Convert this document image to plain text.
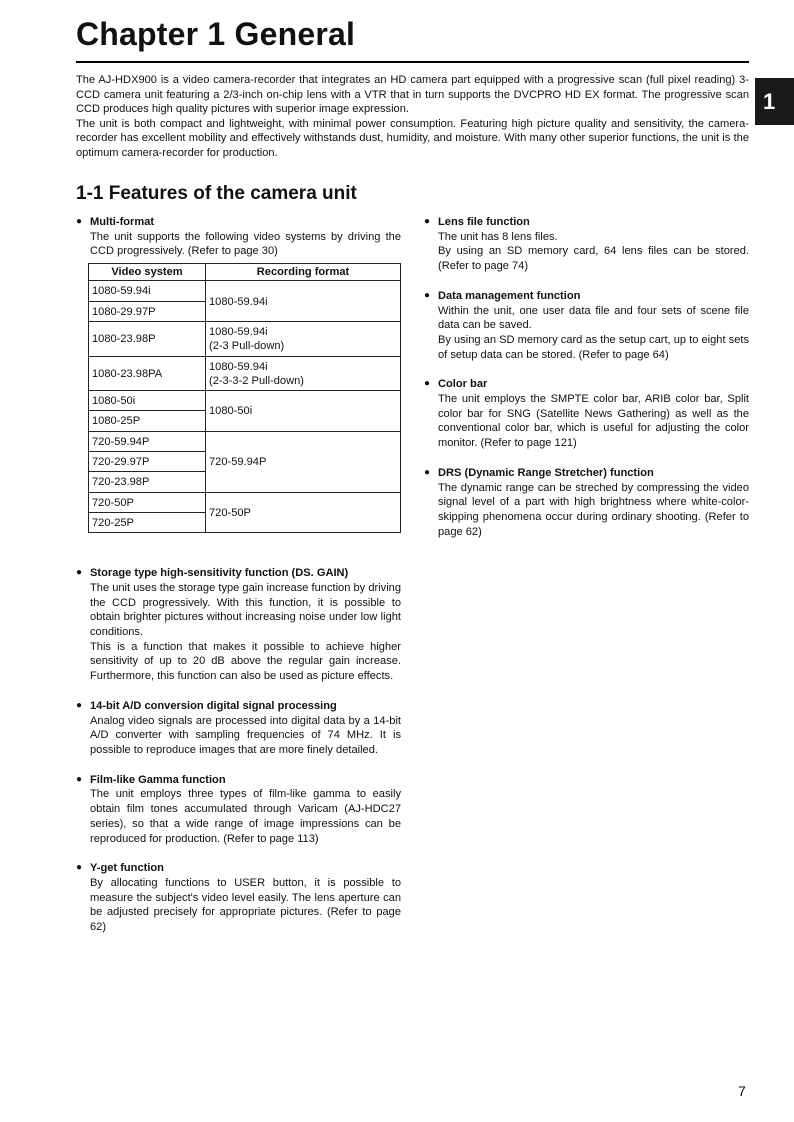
Chapter 1 General
1

The AJ-HDX900 is a video camera-recorder that integrates an HD camera part equipped with a progressive scan (full pixel reading) 3-CCD camera unit featuring a 2/3-inch on-chip lens with a VTR that in turn supports the DVCPRO HD EX format. The progressive scan CCD produces high quality pictures with superior image expression.

The unit is both compact and lightweight, with minimal power consumption. Featuring high picture quality and sensitivity, the camera-recorder has excellent mobility and effectively withstands dust, humidity, and moisture. With many other superior functions, the unit is the optimum camera-recorder for production.

1-1 Features of the camera unit
● Multi-format

The unit supports the following video systems by driving the CCD progressively. (Refer to page 30)

Video system	Recording format
1080-59.94i	1080-59.94i
1080-29.97P	
1080-23.98P	1080-59.94i
(2-3 Pull-down)
1080-23.98PA	1080-59.94i
(2-3-3-2 Pull-down)
1080-50i	1080-50i
1080-25P	
720-59.94P	720-59.94P
720-29.97P	
720-23.98P	
720-50P	720-50P
720-25P	
● Storage type high-sensitivity function (DS. GAIN)

The unit uses the storage type gain increase function by driving the CCD progressively. With this function, it is possible to obtain brighter pictures without increasing noise under low light conditions.

This is a function that makes it possible to achieve higher sensitivity of up to 20 dB above the regular gain increase. Furthermore, this function can also be used as picture effects.

● 14-bit A/D conversion digital signal processing

Analog video signals are processed into digital data by a 14-bit A/D converter with sampling frequencies of 74 MHz. It is possible to reproduce images that are more finely detailed.

● Film-like Gamma function

The unit employs three types of film-like gamma to easily obtain film tones accumulated through Varicam (AJ-HDC27 series), so that a wide range of image impressions can be reproduced for production. (Refer to page 113)

● Y-get function

By allocating functions to USER button, it is possible to measure the subject's video level easily. The lens aperture can be adjusted precisely for appropriate pictures. (Refer to page 62)

● Lens file function

The unit has 8 lens files.

By using an SD memory card, 64 lens files can be stored. (Refer to page 74)

● Data management function

Within the unit, one user data file and four sets of scene file data can be saved.

By using an SD memory card as the setup cart, up to eight sets of setup data can be stored. (Refer to page 64)

● Color bar

The unit employs the SMPTE color bar, ARIB color bar, Split color bar for SNG (Satellite News Gathering) as well as the conventional color bar, which is useful for adjusting the color monitor. (Refer to page 121)

● DRS (Dynamic Range Stretcher) function

The dynamic range can be streched by compressing the video signal level of a part with high brightness where white-color-skipping phenomena occur during ordinary shooting. (Refer to page 62)

7
